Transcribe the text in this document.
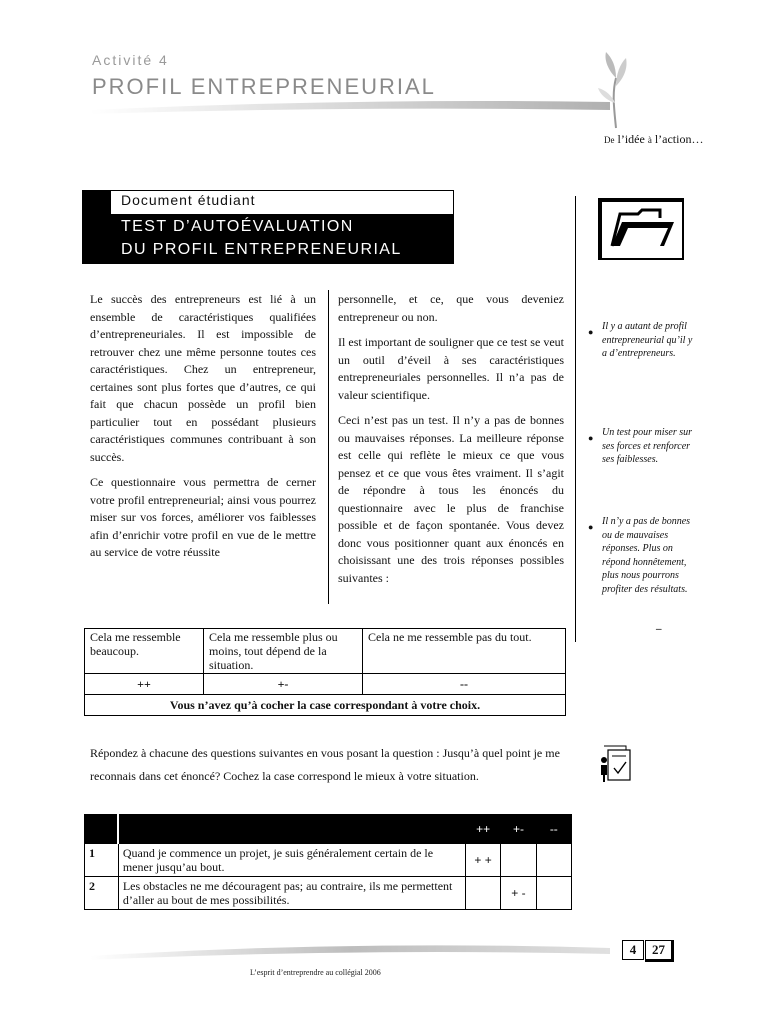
Activité 4
PROFIL ENTREPRENEURIAL
De l’idée à l’action…
Document étudiant
TEST D’AUTOÉVALUATION
DU PROFIL ENTREPRENEURIAL

Le succès des entrepreneurs est lié à un ensemble de caractéristiques qualifiées d’entrepreneuriales. Il est impossible de retrouver chez une même personne toutes ces caractéristiques. Chez un entrepreneur, certaines sont plus fortes que d’autres, ce qui fait que chacun possède un profil bien particulier tout en possédant plusieurs caractéristiques communes contribuant à son succès.

Ce questionnaire vous permettra de cerner votre profil entrepreneurial; ainsi vous pourrez miser sur vos forces, améliorer vos faiblesses afin d’enrichir votre profil en vue de le mettre au service de votre réussite

personnelle, et ce, que vous deveniez entrepreneur ou non.

Il est important de souligner que ce test se veut un outil d’éveil à ses caractéristiques entrepreneuriales personnelles. Il n’a pas de valeur scientifique.

Ceci n’est pas un test. Il n’y a pas de bonnes ou mauvaises réponses. La meilleure réponse est celle qui reflète le mieux ce que vous pensez et ce que vous êtes vraiment. Il s’agit de répondre à tous les énoncés du questionnaire avec le plus de franchise possible et de façon spontanée. Vous devez donc vous positionner quant aux énoncés en choisissant une des trois réponses possibles suivantes :

● Il y a autant de profil entrepreneurial qu’il y a d’entrepreneurs.
● Un test pour miser sur ses forces et renforcer ses faiblesses.
● Il n’y a pas de bonnes ou de mauvaises réponses. Plus on répond honnêtement, plus nous pourrons profiter des résultats.
–
Cela me ressemble beaucoup.	Cela me ressemble plus ou moins, tout dépend de la situation.	Cela ne me ressemble pas du tout.
++	+-	--
Vous n’avez qu’à cocher la case correspondant à votre choix.		
Répondez à chacune des questions suivantes en vous posant la question : Jusqu’à quel point je me reconnais dans cet énoncé? Cochez la case correspond le mieux à votre situation.
		++	+-	--
1	Quand je commence un projet, je suis généralement certain de le mener jusqu’au bout.	+ +		
2	Les obstacles ne me découragent pas; au contraire, ils me permettent d’aller au bout de mes possibilités.		+ -	
L’esprit d’entreprendre au collégial 2006
4	27
